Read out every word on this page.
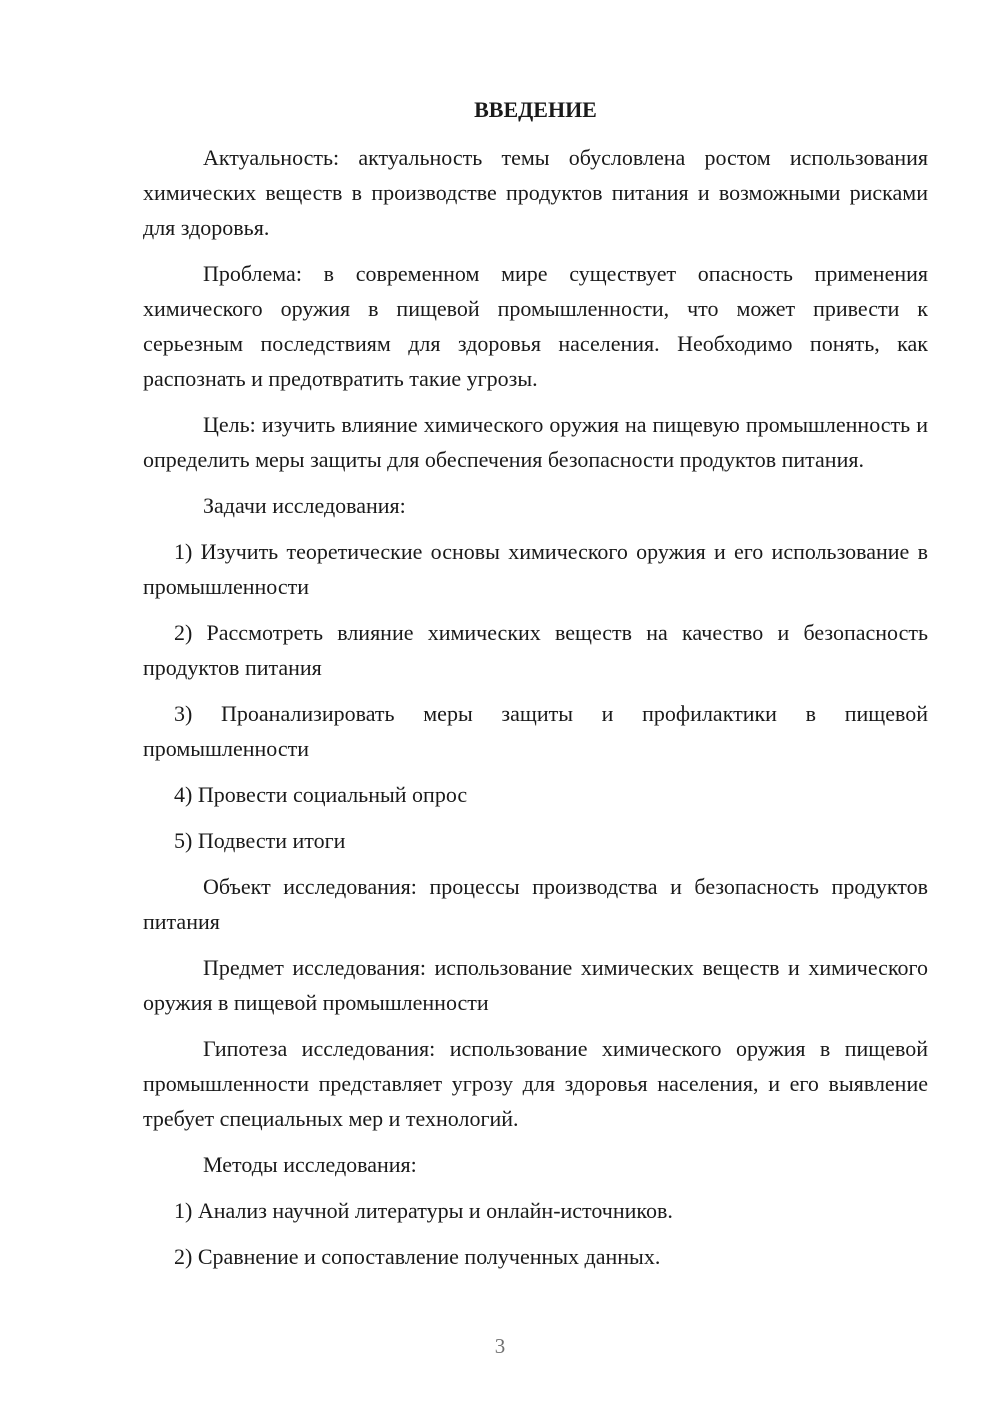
ВВЕДЕНИЕ

Актуальность: актуальность темы обусловлена ростом использования химических веществ в производстве продуктов питания и возможными рисками для здоровья.

Проблема: в современном мире существует опасность применения химического оружия в пищевой промышленности, что может привести к серьезным последствиям для здоровья населения. Необходимо понять, как распознать и предотвратить такие угрозы.

Цель: изучить влияние химического оружия на пищевую промышленность и определить меры защиты для обеспечения безопасности продуктов питания.

Задачи исследования:

1) Изучить теоретические основы химического оружия и его использование в промышленности

2) Рассмотреть влияние химических веществ на качество и безопасность продуктов питания

3) Проанализировать меры защиты и профилактики в пищевой промышленности

4) Провести социальный опрос

5) Подвести итоги

Объект исследования: процессы производства и безопасность продуктов питания

Предмет исследования: использование химических веществ и химического оружия в пищевой промышленности

Гипотеза исследования: использование химического оружия в пищевой промышленности представляет угрозу для здоровья населения, и его выявление требует специальных мер и технологий.

Методы исследования:

1) Анализ научной литературы и онлайн-источников.

2) Сравнение и сопоставление полученных данных.

3
